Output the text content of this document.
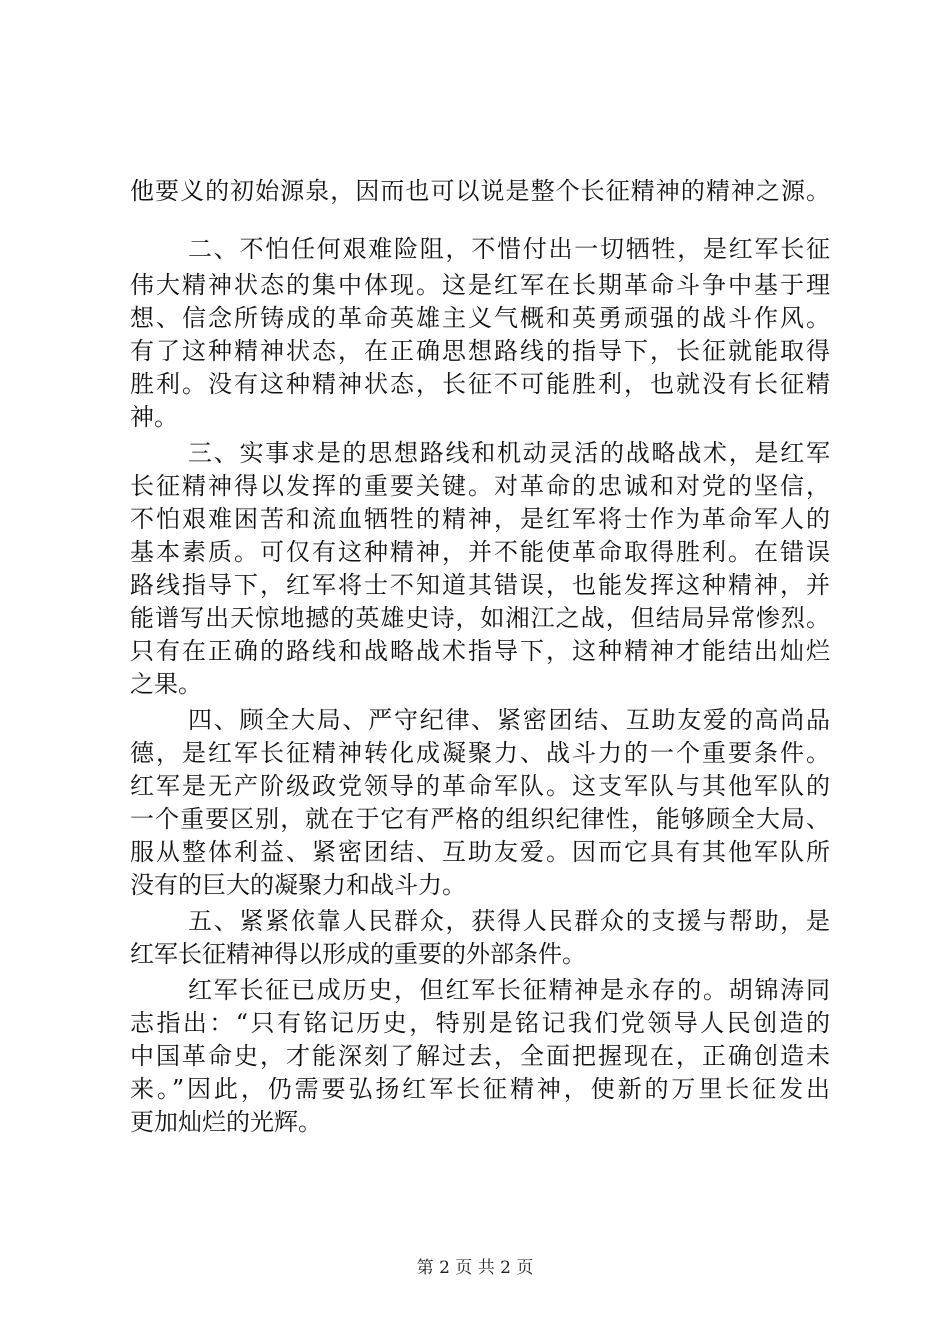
他要义的初始源泉，因而也可以说是整个长征精神的精神之源。
二、不怕任何艰难险阻，不惜付出一切牺牲，是红军长征
伟大精神状态的集中体现。这是红军在长期革命斗争中基于理
想、信念所铸成的革命英雄主义气概和英勇顽强的战斗作风。
有了这种精神状态，在正确思想路线的指导下，长征就能取得
胜利。没有这种精神状态，长征不可能胜利，也就没有长征精
神。
三、实事求是的思想路线和机动灵活的战略战术，是红军
长征精神得以发挥的重要关键。对革命的忠诚和对党的坚信，
不怕艰难困苦和流血牺牲的精神，是红军将士作为革命军人的
基本素质。可仅有这种精神，并不能使革命取得胜利。在错误
路线指导下，红军将士不知道其错误，也能发挥这种精神，并
能谱写出天惊地撼的英雄史诗，如湘江之战，但结局异常惨烈。
只有在正确的路线和战略战术指导下，这种精神才能结出灿烂
之果。
四、顾全大局、严守纪律、紧密团结、互助友爱的高尚品
德，是红军长征精神转化成凝聚力、战斗力的一个重要条件。
红军是无产阶级政党领导的革命军队。这支军队与其他军队的
一个重要区别，就在于它有严格的组织纪律性，能够顾全大局、
服从整体利益、紧密团结、互助友爱。因而它具有其他军队所
没有的巨大的凝聚力和战斗力。
五、紧紧依靠人民群众，获得人民群众的支援与帮助，是
红军长征精神得以形成的重要的外部条件。
红军长征已成历史，但红军长征精神是永存的。胡锦涛同
志指出：“只有铭记历史，特别是铭记我们党领导人民创造的
中国革命史，才能深刻了解过去，全面把握现在，正确创造未
来。”因此，仍需要弘扬红军长征精神，使新的万里长征发出
更加灿烂的光辉。
第 2 页 共 2 页
